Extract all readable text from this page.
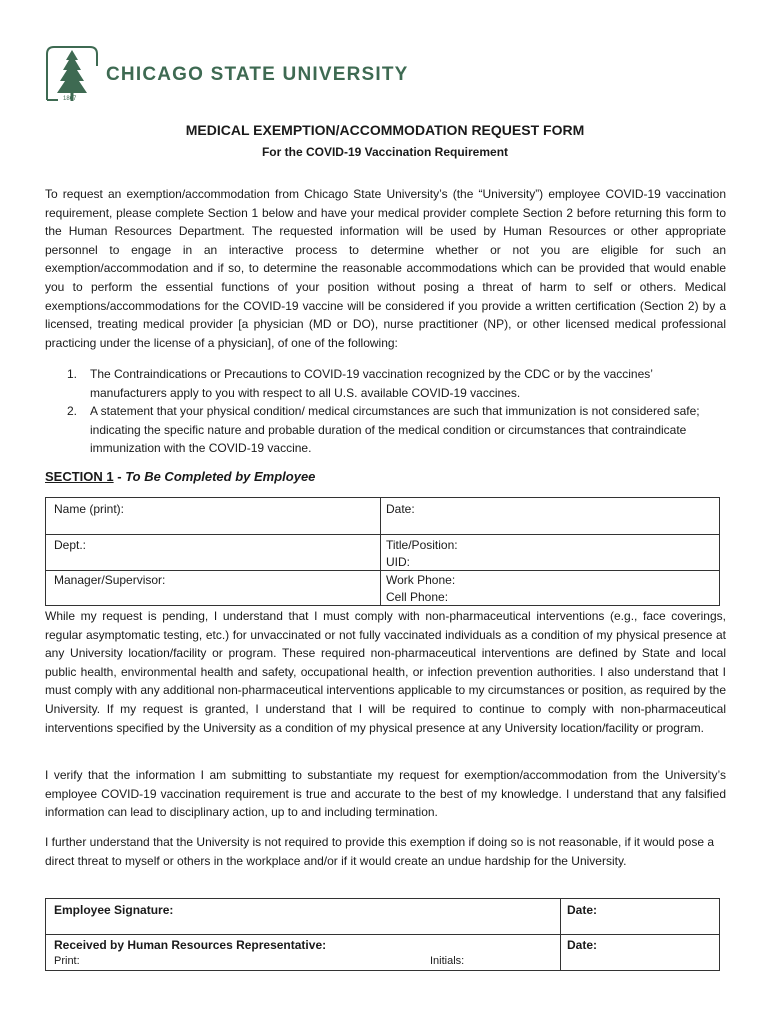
CHICAGO STATE UNIVERSITY
1867
MEDICAL EXEMPTION/ACCOMMODATION REQUEST FORM
For the COVID-19 Vaccination Requirement

To request an exemption/accommodation from Chicago State University’s (the “University”) employee COVID-19 vaccination requirement, please complete Section 1 below and have your medical provider complete Section 2 before returning this form to the Human Resources Department. The requested information will be used by Human Resources or other appropriate personnel to engage in an interactive process to determine whether or not you are eligible for such an exemption/accommodation and if so, to determine the reasonable accommodations which can be provided that would enable you to perform the essential functions of your position without posing a threat of harm to self or others. Medical exemptions/accommodations for the COVID-19 vaccine will be considered if you provide a written certification (Section 2) by a licensed, treating medical provider [a physician (MD or DO), nurse practitioner (NP), or other licensed medical professional practicing under the license of a physician], of one of the following:

1. The Contraindications or Precautions to COVID-19 vaccination recognized by the CDC or by the vaccines’ manufacturers apply to you with respect to all U.S. available COVID-19 vaccines.
2. A statement that your physical condition/ medical circumstances are such that immunization is not considered safe; indicating the specific nature and probable duration of the medical condition or circumstances that contraindicate immunization with the COVID-19 vaccine.
SECTION 1 - To Be Completed by Employee
Name (print):	Date:
Dept.:	Title/Position:
UID:
Manager/Supervisor:	Work Phone:
Cell Phone:

While my request is pending, I understand that I must comply with non-pharmaceutical interventions (e.g., face coverings, regular asymptomatic testing, etc.) for unvaccinated or not fully vaccinated individuals as a condition of my physical presence at any University location/facility or program. These required non-pharmaceutical interventions are defined by State and local public health, environmental health and safety, occupational health, or infection prevention authorities. I also understand that I must comply with any additional non-pharmaceutical interventions applicable to my circumstances or position, as required by the University. If my request is granted, I understand that I will be required to continue to comply with non-pharmaceutical interventions specified by the University as a condition of my physical presence at any University location/facility or program.

I verify that the information I am submitting to substantiate my request for exemption/accommodation from the University’s employee COVID-19 vaccination requirement is true and accurate to the best of my knowledge. I understand that any falsified information can lead to disciplinary action, up to and including termination.

I further understand that the University is not required to provide this exemption if doing so is not reasonable, if it would pose a direct threat to myself or others in the workplace and/or if it would create an undue hardship for the University.

Employee Signature:	Date:
Received by Human Resources Representative:	Date:
Print:	Initials:
